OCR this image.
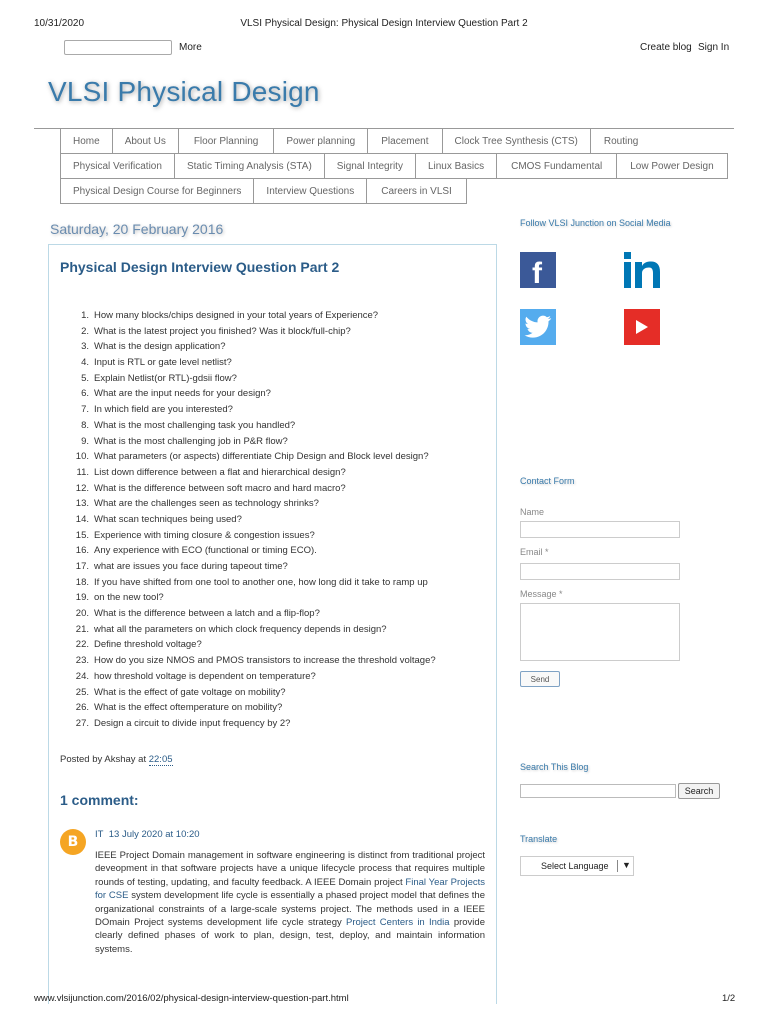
10/31/2020	VLSI Physical Design: Physical Design Interview Question Part 2
More	Create blog Sign In
VLSI Physical Design
Home	About Us	Floor Planning	Power planning	Placement	Clock Tree Synthesis (CTS)	Routing
Physical Verification	Static Timing Analysis (STA)	Signal Integrity	Linux Basics	CMOS Fundamental	Low Power Design
Physical Design Course for Beginners	Interview Questions	Careers in VLSI
Saturday, 20 February 2016
Physical Design Interview Question Part 2
1. How many blocks/chips designed in your total years of Experience?
2. What is the latest project you finished? Was it block/full-chip?
3. What is the design application?
4. Input is RTL or gate level netlist?
5. Explain Netlist(or RTL)-gdsii flow?
6. What are the input needs for your design?
7. In which field are you interested?
8. What is the most challenging task you handled?
9. What is the most challenging job in P&R flow?
10. What parameters (or aspects) differentiate Chip Design and Block level design?
11. List down difference between a flat and hierarchical design?
12. What is the difference between soft macro and hard macro?
13. What are the challenges seen as technology shrinks?
14. What scan techniques being used?
15. Experience with timing closure & congestion issues?
16. Any experience with ECO (functional or timing ECO).
17. what are issues you face during tapeout time?
18. If you have shifted from one tool to another one, how long did it take to ramp up
19. on the new tool?
20. What is the difference between a latch and a flip-flop?
21. what all the parameters on which clock frequency depends in design?
22. Define threshold voltage?
23. How do you size NMOS and PMOS transistors to increase the threshold voltage?
24. how threshold voltage is dependent on temperature?
25. What is the effect of gate voltage on mobility?
26. What is the effect oftemperature on mobility?
27. Design a circuit to divide input frequency by 2?
Posted by Akshay at 22:05
1 comment:
B IT 13 July 2020 at 10:20
IEEE Project Domain management in software engineering is distinct from traditional project deveopment in that software projects have a unique lifecycle process that requires multiple rounds of testing, updating, and faculty feedback. A IEEE Domain project Final Year Projects for CSE system development life cycle is essentially a phased project model that defines the organizational constraints of a large-scale systems project. The methods used in a IEEE DOmain Project systems development life cycle strategy Project Centers in India provide clearly defined phases of work to plan, design, test, deploy, and maintain information systems.
Follow VLSI Junction on Social Media
f
Contact Form
Name
Email *
Message *
Send
Search This Blog
Search
Translate
Select Language ▼
www.vlsijunction.com/2016/02/physical-design-interview-question-part.html	1/2
